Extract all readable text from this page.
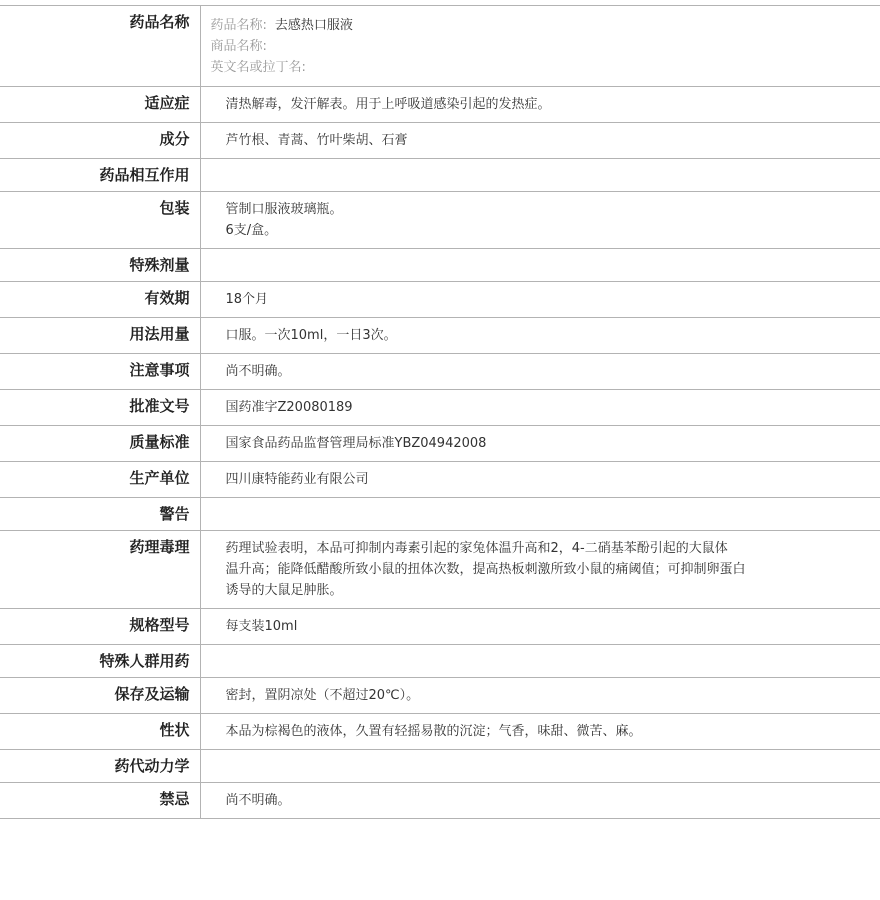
药品名称	药品名称: 去感热口服液
商品名称:
英文名或拉丁名:

适应症	清热解毒，发汗解表。用于上呼吸道感染引起的发热症。

成分	芦竹根、青蒿、竹叶柴胡、石膏

药品相互作用	
包装	管制口服液玻璃瓶。
6支/盒。

特殊剂量	
有效期	18个月

用法用量	口服。一次10ml，一日3次。

注意事项	尚不明确。

批准文号	国药准字Z20080189

质量标准	国家食品药品监督管理局标准YBZ04942008

生产单位	四川康特能药业有限公司

警告	
药理毒理	药理试验表明，本品可抑制内毒素引起的家兔体温升高和2，4-二硝基苯酚引起的大鼠体
温升高；能降低醋酸所致小鼠的扭体次数，提高热板刺激所致小鼠的痛阈值；可抑制卵蛋白
诱导的大鼠足肿胀。

规格型号	每支装10ml

特殊人群用药	
保存及运输	密封，置阴凉处（不超过20℃）。

性状	本品为棕褐色的液体，久置有轻摇易散的沉淀；气香，味甜、微苦、麻。

药代动力学	
禁忌	尚不明确。
